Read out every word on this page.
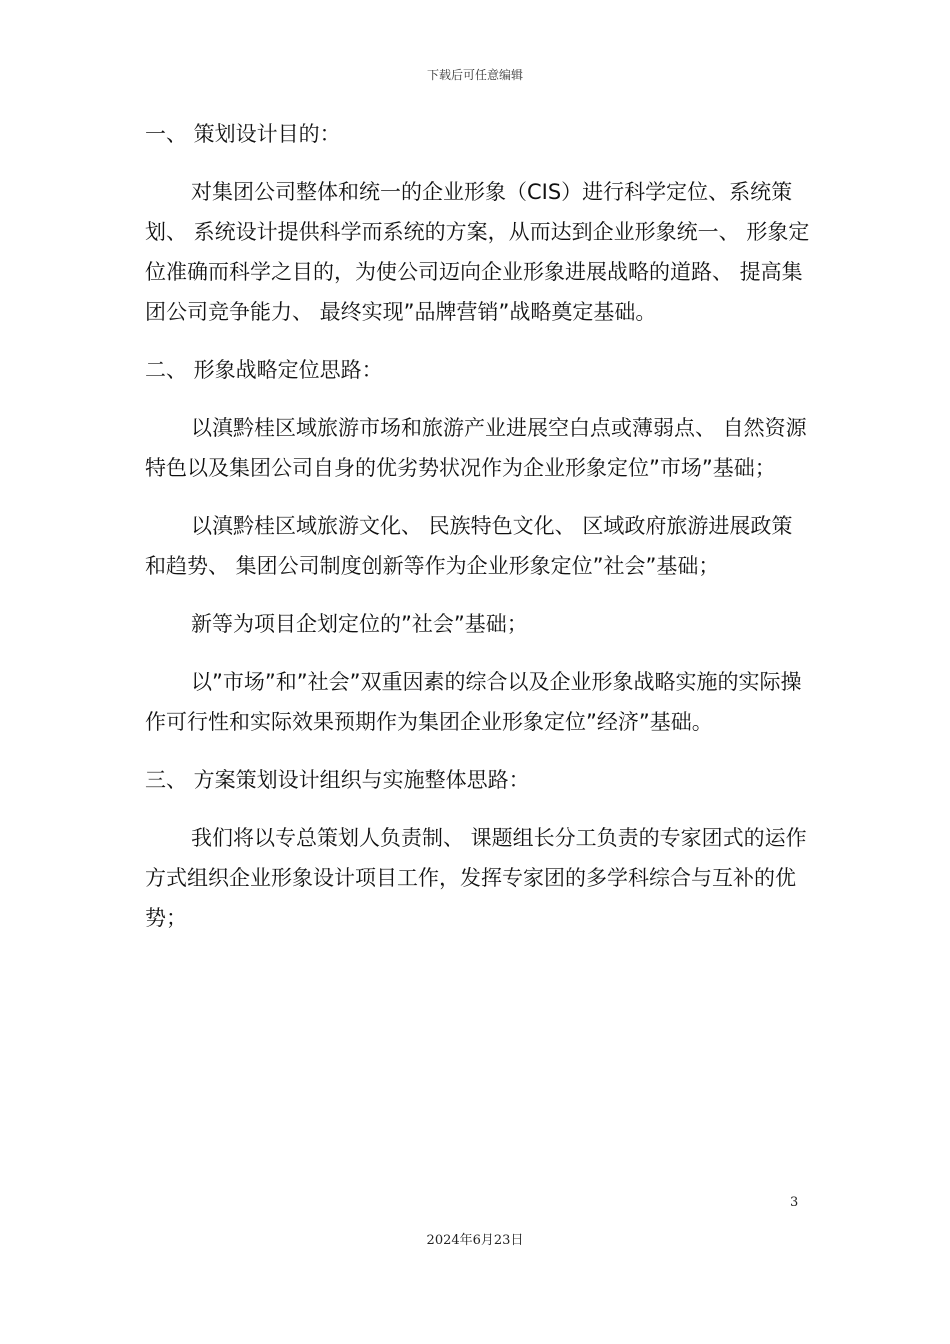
下载后可任意编辑
一、 策划设计目的：
对集团公司整体和统一的企业形象（CIS）进行科学定位、系统策划、 系统设计提供科学而系统的方案，从而达到企业形象统一、 形象定位准确而科学之目的，为使公司迈向企业形象进展战略的道路、 提高集团公司竞争能力、 最终实现”品牌营销”战略奠定基础。
二、 形象战略定位思路：
以滇黔桂区域旅游市场和旅游产业进展空白点或薄弱点、 自然资源特色以及集团公司自身的优劣势状况作为企业形象定位”市场”基础；
以滇黔桂区域旅游文化、 民族特色文化、 区域政府旅游进展政策和趋势、 集团公司制度创新等作为企业形象定位”社会”基础；
新等为项目企划定位的”社会”基础；
以”市场”和”社会”双重因素的综合以及企业形象战略实施的实际操作可行性和实际效果预期作为集团企业形象定位”经济”基础。
三、 方案策划设计组织与实施整体思路：
我们将以专总策划人负责制、 课题组长分工负责的专家团式的运作方式组织企业形象设计项目工作，发挥专家团的多学科综合与互补的优势；
3
2024年6月23日
